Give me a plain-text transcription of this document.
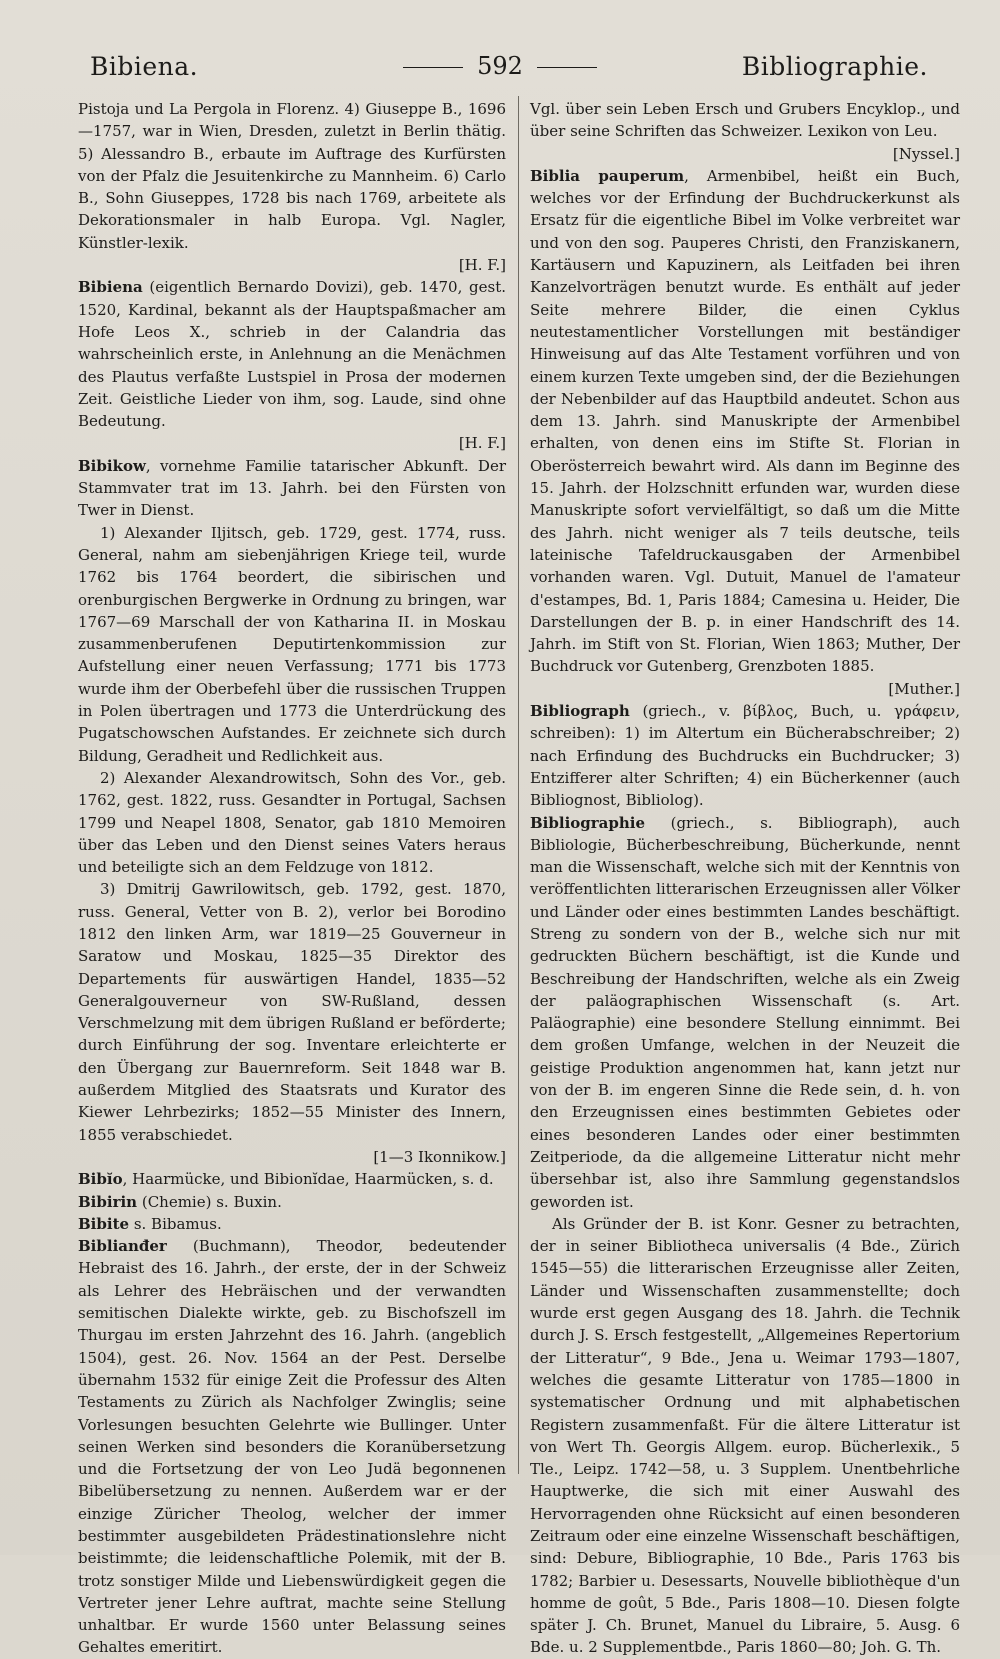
Bibiena.	592	Bibliographie.

Pistoja und La Pergola in Florenz. 4) Giuseppe B., 1696—1757, war in Wien, Dresden, zuletzt in Berlin thätig. 5) Alessandro B., erbaute im Auftrage des Kurfürsten von der Pfalz die Jesuitenkirche zu Mannheim. 6) Carlo B., Sohn Giuseppes, 1728 bis nach 1769, arbeitete als Dekorationsmaler in halb Europa. Vgl. Nagler, Künstler-lexik.
[H. F.]

Bibiena (eigentlich Bernardo Dovizi), geb. 1470, gest. 1520, Kardinal, bekannt als der Hauptspaßmacher am Hofe Leos X., schrieb in der Calandria das wahrscheinlich erste, in Anlehnung an die Menächmen des Plautus verfaßte Lustspiel in Prosa der modernen Zeit. Geistliche Lieder von ihm, sog. Laude, sind ohne Bedeutung.
[H. F.]

Bibikow, vornehme Familie tatarischer Abkunft. Der Stammvater trat im 13. Jahrh. bei den Fürsten von Twer in Dienst.

1) Alexander Iljitsch, geb. 1729, gest. 1774, russ. General, nahm am siebenjährigen Kriege teil, wurde 1762 bis 1764 beordert, die sibirischen und orenburgischen Bergwerke in Ordnung zu bringen, war 1767—69 Marschall der von Katharina II. in Moskau zusammenberufenen Deputirtenkommission zur Aufstellung einer neuen Verfassung; 1771 bis 1773 wurde ihm der Oberbefehl über die russischen Truppen in Polen übertragen und 1773 die Unterdrückung des Pugatschowschen Aufstandes. Er zeichnete sich durch Bildung, Geradheit und Redlichkeit aus.

2) Alexander Alexandrowitsch, Sohn des Vor., geb. 1762, gest. 1822, russ. Gesandter in Portugal, Sachsen 1799 und Neapel 1808, Senator, gab 1810 Memoiren über das Leben und den Dienst seines Vaters heraus und beteiligte sich an dem Feldzuge von 1812.

3) Dmitrij Gawrilowitsch, geb. 1792, gest. 1870, russ. General, Vetter von B. 2), verlor bei Borodino 1812 den linken Arm, war 1819—25 Gouverneur in Saratow und Moskau, 1825—35 Direktor des Departements für auswärtigen Handel, 1835—52 Generalgouverneur von SW-Rußland, dessen Verschmelzung mit dem übrigen Rußland er beförderte; durch Einführung der sog. Inventare erleichterte er den Übergang zur Bauernreform. Seit 1848 war B. außerdem Mitglied des Staatsrats und Kurator des Kiewer Lehrbezirks; 1852—55 Minister des Innern, 1855 verabschiedet.
[1—3 Ikonnikow.]

Bibĭo, Haarmücke, und Bibionĭdae, Haarmücken, s. d.

Bibirin (Chemie) s. Buxin.

Bibite s. Bibamus.

Biblianđer (Buchmann), Theodor, bedeutender Hebraist des 16. Jahrh., der erste, der in der Schweiz als Lehrer des Hebräischen und der verwandten semitischen Dialekte wirkte, geb. zu Bischofszell im Thurgau im ersten Jahrzehnt des 16. Jahrh. (angeblich 1504), gest. 26. Nov. 1564 an der Pest. Derselbe übernahm 1532 für einige Zeit die Professur des Alten Testaments zu Zürich als Nachfolger Zwinglis; seine Vorlesungen besuchten Gelehrte wie Bullinger. Unter seinen Werken sind besonders die Koranübersetzung und die Fortsetzung der von Leo Judä begonnenen Bibelübersetzung zu nennen. Außerdem war er der einzige Züricher Theolog, welcher der immer bestimmter ausgebildeten Prädestinationslehre nicht beistimmte; die leidenschaftliche Polemik, mit der B. trotz sonstiger Milde und Liebenswürdigkeit gegen die Vertreter jener Lehre auftrat, machte seine Stellung unhaltbar. Er wurde 1560 unter Belassung seines Gehaltes emeritirt.

Vgl. über sein Leben Ersch und Grubers Encyklop., und über seine Schriften das Schweizer. Lexikon von Leu.
[Nyssel.]

Biblia pauperum, Armenbibel, heißt ein Buch, welches vor der Erfindung der Buchdruckerkunst als Ersatz für die eigentliche Bibel im Volke verbreitet war und von den sog. Pauperes Christi, den Franziskanern, Kartäusern und Kapuzinern, als Leitfaden bei ihren Kanzelvorträgen benutzt wurde. Es enthält auf jeder Seite mehrere Bilder, die einen Cyklus neutestamentlicher Vorstellungen mit beständiger Hinweisung auf das Alte Testament vorführen und von einem kurzen Texte umgeben sind, der die Beziehungen der Nebenbilder auf das Hauptbild andeutet. Schon aus dem 13. Jahrh. sind Manuskripte der Armenbibel erhalten, von denen eins im Stifte St. Florian in Oberösterreich bewahrt wird. Als dann im Beginne des 15. Jahrh. der Holzschnitt erfunden war, wurden diese Manuskripte sofort vervielfältigt, so daß um die Mitte des Jahrh. nicht weniger als 7 teils deutsche, teils lateinische Tafeldruckausgaben der Armenbibel vorhanden waren. Vgl. Dutuit, Manuel de l'amateur d'estampes, Bd. 1, Paris 1884; Camesina u. Heider, Die Darstellungen der B. p. in einer Handschrift des 14. Jahrh. im Stift von St. Florian, Wien 1863; Muther, Der Buchdruck vor Gutenberg, Grenzboten 1885.
[Muther.]

Bibliograph (griech., v. βίβλος, Buch, u. γράφειν, schreiben): 1) im Altertum ein Bücherabschreiber; 2) nach Erfindung des Buchdrucks ein Buchdrucker; 3) Entzifferer alter Schriften; 4) ein Bücherkenner (auch Bibliognost, Bibliolog).

Bibliographie (griech., s. Bibliograph), auch Bibliologie, Bücherbeschreibung, Bücherkunde, nennt man die Wissenschaft, welche sich mit der Kenntnis von veröffentlichten litterarischen Erzeugnissen aller Völker und Länder oder eines bestimmten Landes beschäftigt. Streng zu sondern von der B., welche sich nur mit gedruckten Büchern beschäftigt, ist die Kunde und Beschreibung der Handschriften, welche als ein Zweig der paläographischen Wissenschaft (s. Art. Paläographie) eine besondere Stellung einnimmt. Bei dem großen Umfange, welchen in der Neuzeit die geistige Produktion angenommen hat, kann jetzt nur von der B. im engeren Sinne die Rede sein, d. h. von den Erzeugnissen eines bestimmten Gebietes oder eines besonderen Landes oder einer bestimmten Zeitperiode, da die allgemeine Litteratur nicht mehr übersehbar ist, also ihre Sammlung gegenstandslos geworden ist.

Als Gründer der B. ist Konr. Gesner zu betrachten, der in seiner Bibliotheca universalis (4 Bde., Zürich 1545—55) die litterarischen Erzeugnisse aller Zeiten, Länder und Wissenschaften zusammenstellte; doch wurde erst gegen Ausgang des 18. Jahrh. die Technik durch J. S. Ersch festgestellt, „Allgemeines Repertorium der Litteratur“, 9 Bde., Jena u. Weimar 1793—1807, welches die gesamte Litteratur von 1785—1800 in systematischer Ordnung und mit alphabetischen Registern zusammenfaßt. Für die ältere Litteratur ist von Wert Th. Georgis Allgem. europ. Bücherlexik., 5 Tle., Leipz. 1742—58, u. 3 Supplem. Unentbehrliche Hauptwerke, die sich mit einer Auswahl des Hervorragenden ohne Rücksicht auf einen besonderen Zeitraum oder eine einzelne Wissenschaft beschäftigen, sind: Debure, Bibliographie, 10 Bde., Paris 1763 bis 1782; Barbier u. Desessarts, Nouvelle bibliothèque d'un homme de goût, 5 Bde., Paris 1808—10. Diesen folgte später J. Ch. Brunet, Manuel du Libraire, 5. Ausg. 6 Bde. u. 2 Supplementbde., Paris 1860—80; Joh. G. Th.
